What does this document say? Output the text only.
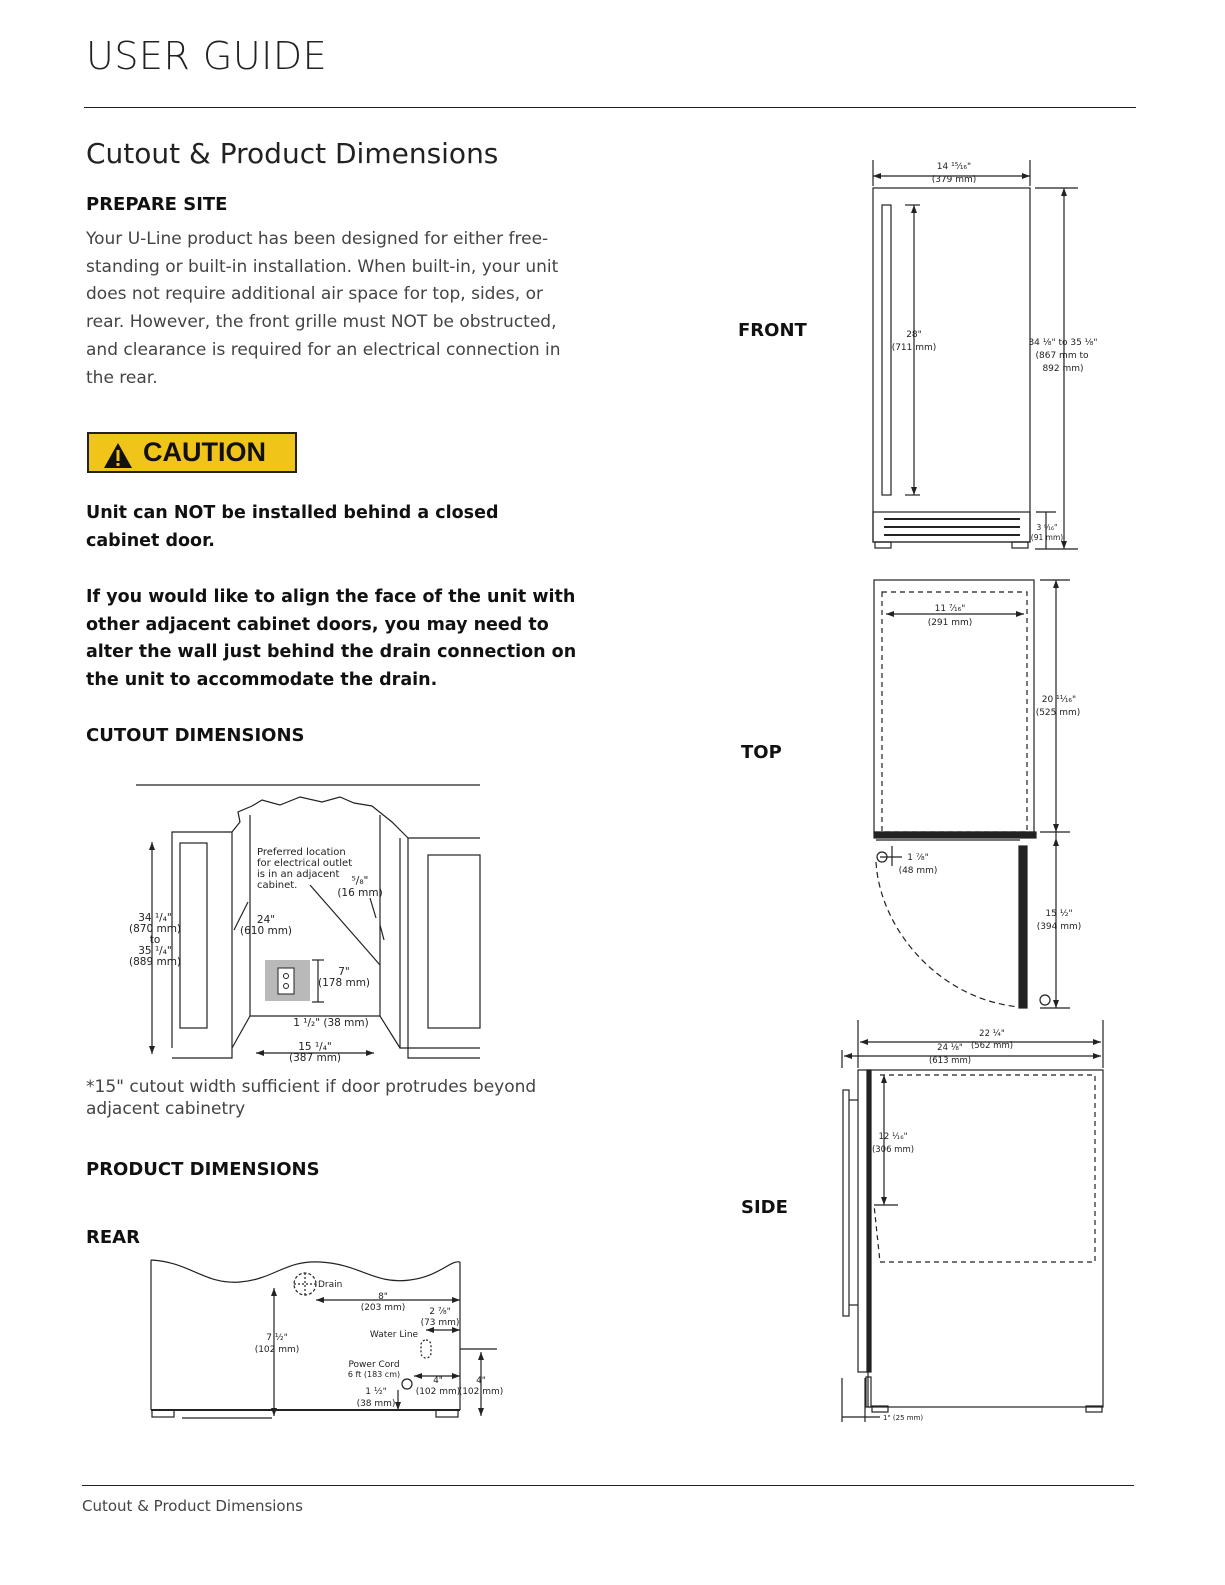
USER GUIDE
Cutout & Product Dimensions
PREPARE SITE
Your U-Line product has been designed for either free-standing or built-in installation. When built-in, your unit does not require additional air space for top, sides, or rear. However, the front grille must NOT be obstructed, and clearance is required for an electrical connection in the rear.
CAUTION
Unit can NOT be installed behind a closed cabinet door.
If you would like to align the face of the unit with other adjacent cabinet doors, you may need to alter the wall just behind the drain connection on the unit to accommodate the drain.
CUTOUT DIMENSIONS
Preferred location
for electrical outlet
is in an adjacent
cabinet.
34 ¹/₄"
(870 mm)
to
35 ¹/₄"
(889 mm)
24"
(610 mm)
⁵/₈"
(16 mm)
7"
(178 mm)
1 ¹/₂" (38 mm)
15 ¹/₄"
(387 mm)
*15" cutout width sufficient if door protrudes beyond adjacent cabinetry
PRODUCT DIMENSIONS
REAR
Drain
8"
(203 mm)
7 ¹⁄₂"
(102 mm)
2 ⁷⁄₈"
(73 mm)
Water Line
Power Cord
6 ft (183 cm)
4"
(102 mm)
4"
(102 mm)
1 ¹⁄₂"
(38 mm)
FRONT
TOP
SIDE
14 ¹⁵⁄₁₆"
(379 mm)
28"
(711 mm)	34 ⅛" to 35 ⅛"
(867 mm to
892 mm)
3 ⁹⁄₁₆"
(91 mm)
11 ⁷⁄₁₆"
(291 mm)
20 ¹¹⁄₁₆"
(525 mm)
1 ⅞"
(48 mm)
15 ½"
(394 mm)
22 ¼"
(562 mm)
24 ⅛"
(613 mm)
12 ¹⁄₁₆"
(306 mm)
1" (25 mm)
Cutout & Product Dimensions
